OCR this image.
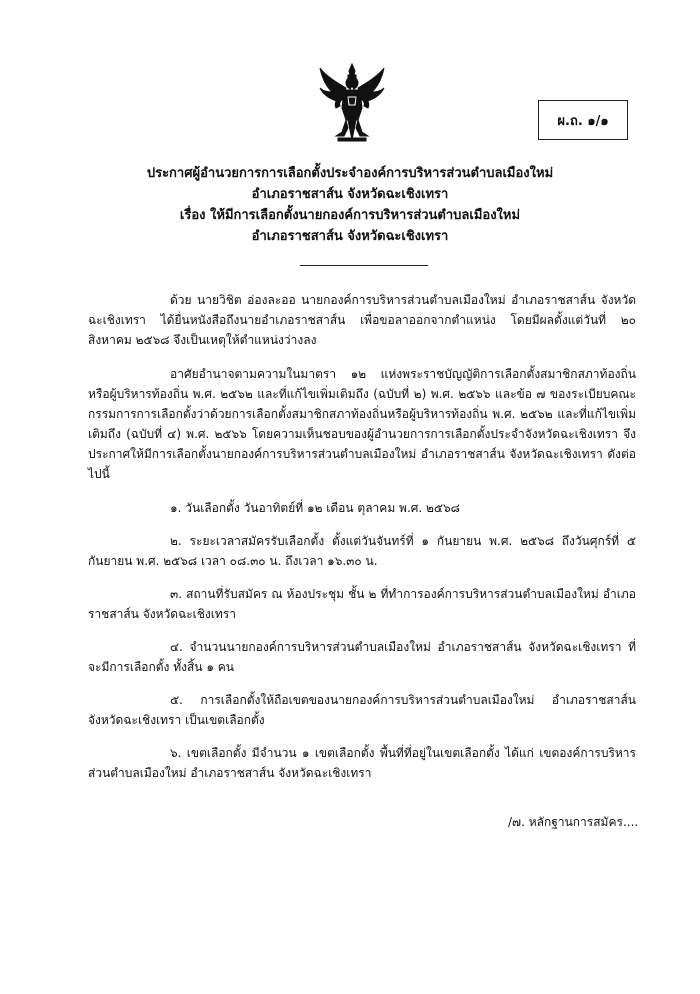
ผ.ถ. ๑/๑
ประกาศผู้อำนวยการการเลือกตั้งประจำองค์การบริหารส่วนตำบลเมืองใหม่
อำเภอราชสาส์น จังหวัดฉะเชิงเทรา
เรื่อง ให้มีการเลือกตั้งนายกองค์การบริหารส่วนตำบลเมืองใหม่
อำเภอราชสาส์น จังหวัดฉะเชิงเทรา

ด้วย นายวิชิต อ่องละออ นายกองค์การบริหารส่วนตำบลเมืองใหม่ อำเภอราชสาส์น จังหวัดฉะเชิงเทรา ได้ยื่นหนังสือถึงนายอำเภอราชสาส์น เพื่อขอลาออกจากตำแหน่ง โดยมีผลตั้งแต่วันที่ ๒๐ สิงหาคม ๒๕๖๘ จึงเป็นเหตุให้ตำแหน่งว่างลง

อาศัยอำนาจตามความในมาตรา ๑๒ แห่งพระราชบัญญัติการเลือกตั้งสมาชิกสภาท้องถิ่นหรือผู้บริหารท้องถิ่น พ.ศ. ๒๕๖๒ และที่แก้ไขเพิ่มเติมถึง (ฉบับที่ ๒) พ.ศ. ๒๕๖๖ และข้อ ๗ ของระเบียบคณะกรรมการการเลือกตั้งว่าด้วยการเลือกตั้งสมาชิกสภาท้องถิ่นหรือผู้บริหารท้องถิ่น พ.ศ. ๒๕๖๒ และที่แก้ไขเพิ่มเติมถึง (ฉบับที่ ๔) พ.ศ. ๒๕๖๖ โดยความเห็นชอบของผู้อำนวยการการเลือกตั้งประจำจังหวัดฉะเชิงเทรา จึงประกาศให้มีการเลือกตั้งนายกองค์การบริหารส่วนตำบลเมืองใหม่ อำเภอราชสาส์น จังหวัดฉะเชิงเทรา ดังต่อไปนี้

๑. วันเลือกตั้ง วันอาทิตย์ที่ ๑๒ เดือน ตุลาคม พ.ศ. ๒๕๖๘

๒. ระยะเวลาสมัครรับเลือกตั้ง ตั้งแต่วันจันทร์ที่ ๑ กันยายน พ.ศ. ๒๕๖๘ ถึงวันศุกร์ที่ ๕ กันยายน พ.ศ. ๒๕๖๘ เวลา ๐๘.๓๐ น. ถึงเวลา ๑๖.๓๐ น.

๓. สถานที่รับสมัคร ณ ห้องประชุม ชั้น ๒ ที่ทำการองค์การบริหารส่วนตำบลเมืองใหม่ อำเภอราชสาส์น จังหวัดฉะเชิงเทรา

๔. จำนวนนายกองค์การบริหารส่วนตำบลเมืองใหม่ อำเภอราชสาส์น จังหวัดฉะเชิงเทรา ที่จะมีการเลือกตั้ง ทั้งสิ้น ๑ คน

๕. การเลือกตั้งให้ถือเขตของนายกองค์การบริหารส่วนตำบลเมืองใหม่ อำเภอราชสาส์น จังหวัดฉะเชิงเทรา เป็นเขตเลือกตั้ง

๖. เขตเลือกตั้ง มีจำนวน ๑ เขตเลือกตั้ง พื้นที่ที่อยู่ในเขตเลือกตั้ง ได้แก่ เขตองค์การบริหารส่วนตำบลเมืองใหม่ อำเภอราชสาส์น จังหวัดฉะเชิงเทรา

/๗. หลักฐานการสมัคร....
